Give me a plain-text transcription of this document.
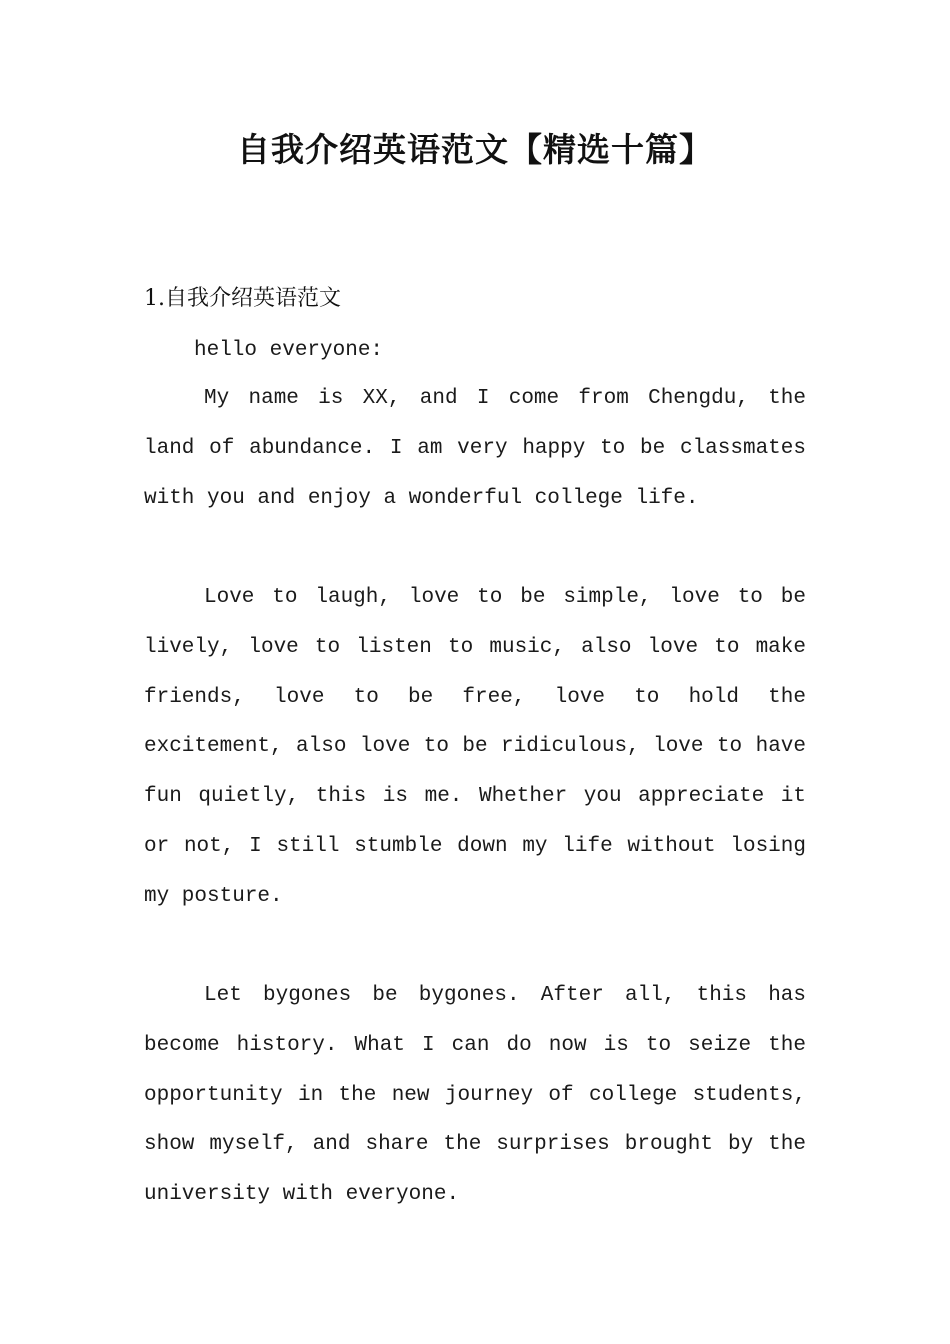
自我介绍英语范文【精选十篇】
1.自我介绍英语范文
hello everyone:

My name is XX, and I come from Chengdu, the land of abundance. I am very happy to be classmates with you and enjoy a wonderful college life.

Love to laugh, love to be simple, love to be lively, love to listen to music, also love to make friends, love to be free, love to hold the excitement, also love to be ridiculous, love to have fun quietly, this is me. Whether you appreciate it or not, I still stumble down my life without losing my posture.

Let bygones be bygones. After all, this has become history. What I can do now is to seize the opportunity in the new journey of college students, show myself, and share the surprises brought by the university with everyone.
